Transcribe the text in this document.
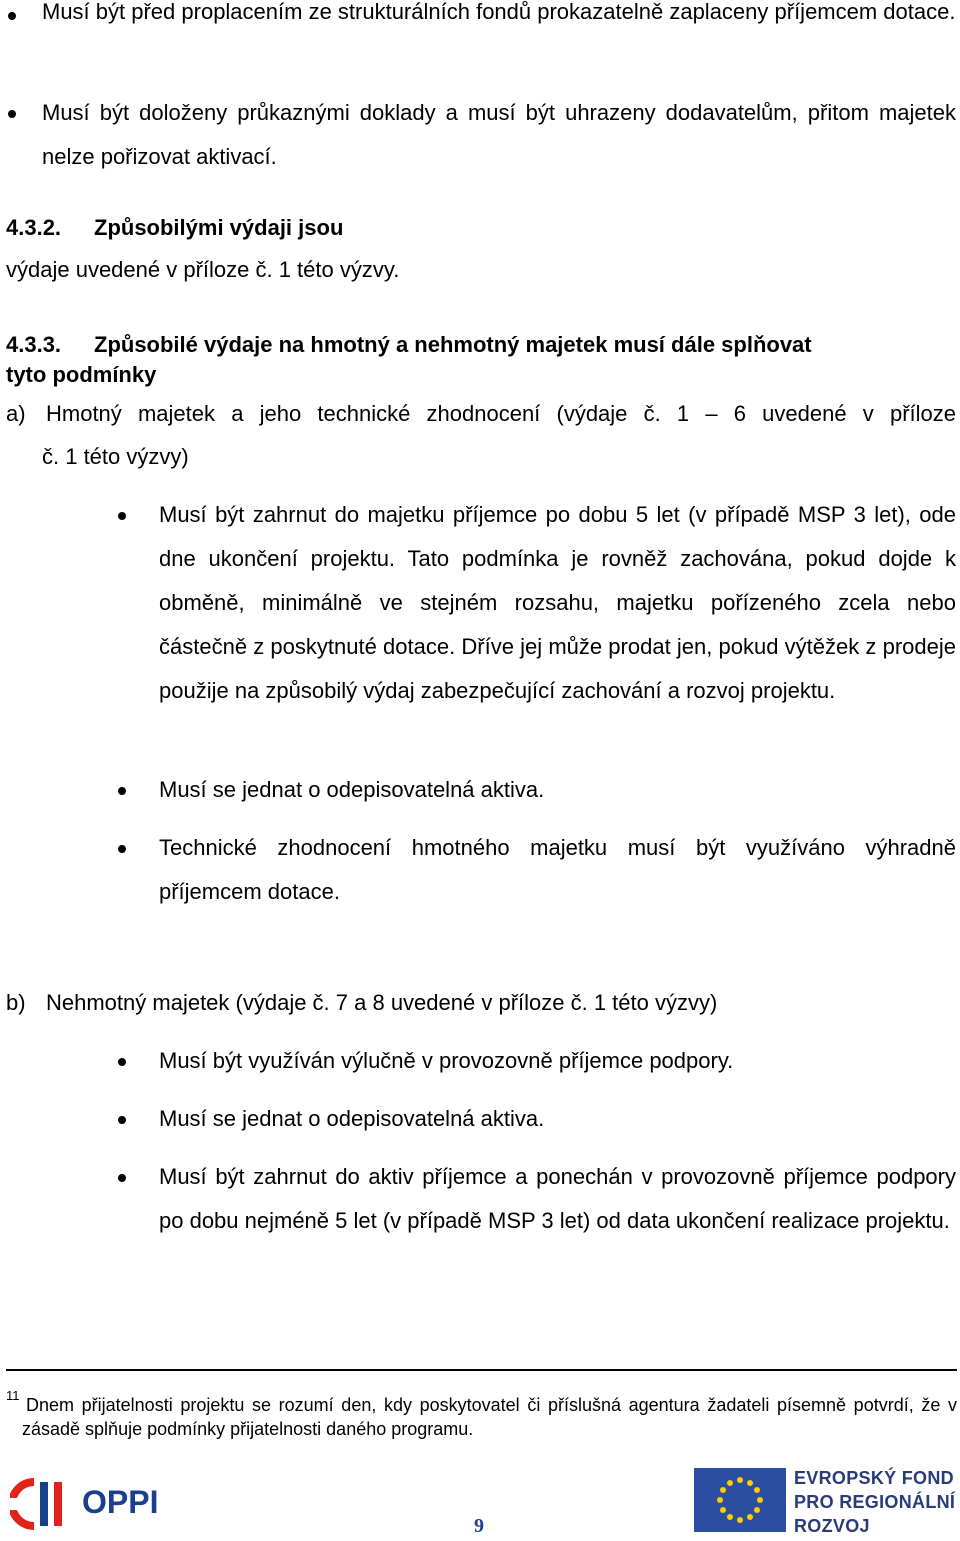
Musí být před proplacením ze strukturálních fondů prokazatelně zaplaceny příjemcem dotace.
Musí být doloženy průkaznými doklady a musí být uhrazeny dodavatelům, přitom majetek nelze pořizovat aktivací.
4.3.2. Způsobilými výdaji jsou
výdaje uvedené v příloze č. 1 této výzvy.
4.3.3. Způsobilé výdaje na hmotný a nehmotný majetek musí dále splňovat
tyto podmínky
a) Hmotný majetek a jeho technické zhodnocení (výdaje č. 1 – 6 uvedené v příloze
č. 1 této výzvy)
Musí být zahrnut do majetku příjemce po dobu 5 let (v případě MSP 3 let), ode dne ukončení projektu. Tato podmínka je rovněž zachována, pokud dojde k obměně, minimálně ve stejném rozsahu, majetku pořízeného zcela nebo částečně z poskytnuté dotace. Dříve jej může prodat jen, pokud výtěžek z prodeje použije na způsobilý výdaj zabezpečující zachování a rozvoj projektu.
Musí se jednat o odepisovatelná aktiva.
Technické zhodnocení hmotného majetku musí být využíváno výhradně příjemcem dotace.
b) Nehmotný majetek (výdaje č. 7 a 8 uvedené v příloze č. 1 této výzvy)
Musí být využíván výlučně v provozovně příjemce podpory.
Musí se jednat o odepisovatelná aktiva.
Musí být zahrnut do aktiv příjemce a ponechán v provozovně příjemce podpory po dobu nejméně 5 let (v případě MSP 3 let) od data ukončení realizace projektu.
11 Dnem přijatelnosti projektu se rozumí den, kdy poskytovatel či příslušná agentura žadateli písemně potvrdí, že v zásadě splňuje podmínky přijatelnosti daného programu.
OPPI
9
EVROPSKÝ FOND
PRO REGIONÁLNÍ
ROZVOJ
